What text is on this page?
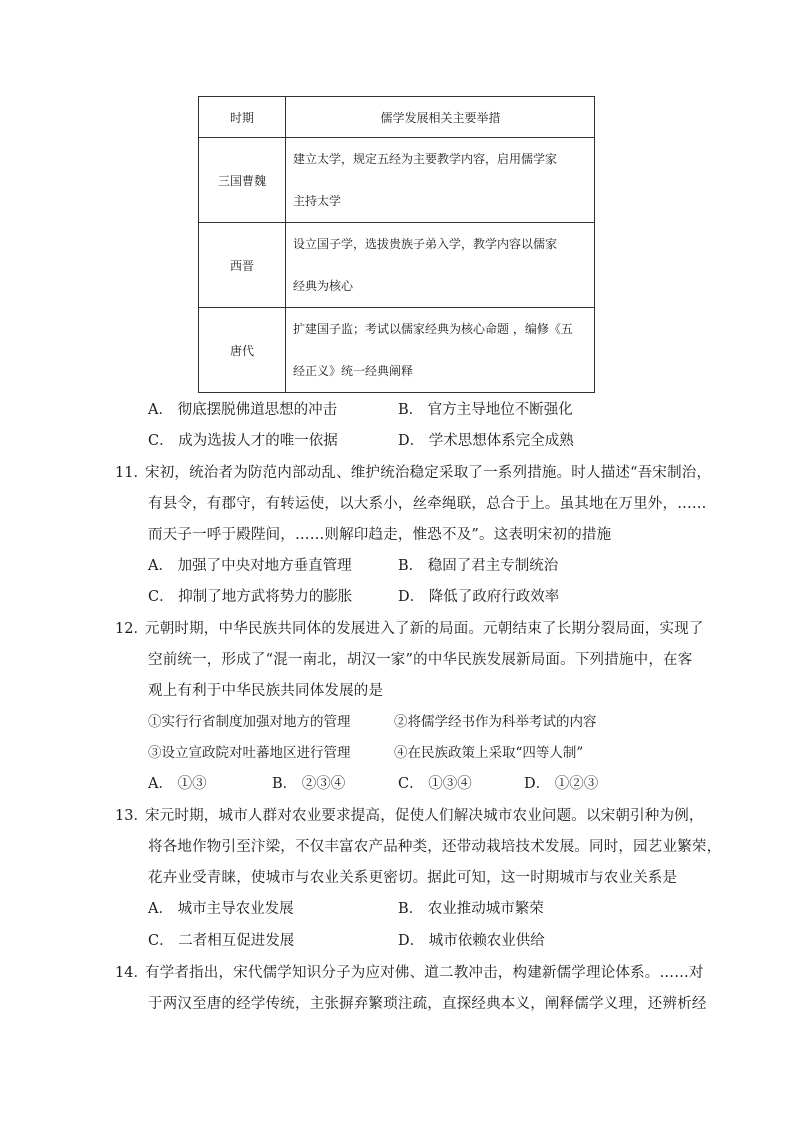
时期	儒学发展相关主要举措
三国曹魏	建立太学，规定五经为主要教学内容，启用儒学家
主持太学

西晋	设立国子学，选拔贵族子弟入学，教学内容以儒家
经典为核心

唐代	扩建国子监；考试以儒家经典为核心命题 ，编修《五
经正义》统一经典阐释
A． 彻底摆脱佛道思想的冲击	B． 官方主导地位不断强化
C． 成为选拔人才的唯一依据	D． 学术思想体系完全成熟
11．
宋初，统治者为防范内部动乱、维护统治稳定采取了一系列措施。时人描述“吾宋制治，
有县令，有郡守，有转运使，以大系小，丝牵绳联，总合于上。虽其地在万里外，……
而天子一呼于殿陛间，……则解印趋走，惟恐不及”。这表明宋初的措施
A． 加强了中央对地方垂直管理	B． 稳固了君主专制统治
C． 抑制了地方武将势力的膨胀	D． 降低了政府行政效率
12．
元朝时期，中华民族共同体的发展进入了新的局面。元朝结束了长期分裂局面，实现了
空前统一，形成了“混一南北，胡汉一家”的中华民族发展新局面。下列措施中，在客
观上有利于中华民族共同体发展的是
①实行行省制度加强对地方的管理	②将儒学经书作为科举考试的内容
③设立宣政院对吐蕃地区进行管理	④在民族政策上采取“四等人制”
A． ①③	B． ②③④	C． ①③④	D． ①②③
13．
宋元时期，城市人群对农业要求提高，促使人们解决城市农业问题。以宋朝引种为例，
将各地作物引至汴梁，不仅丰富农产品种类，还带动栽培技术发展。同时，园艺业繁荣，
花卉业受青睐，使城市与农业关系更密切。据此可知，这一时期城市与农业关系是
A． 城市主导农业发展	B． 农业推动城市繁荣
C． 二者相互促进发展	D． 城市依赖农业供给
14．
有学者指出，宋代儒学知识分子为应对佛、道二教冲击，构建新儒学理论体系。……对
于两汉至唐的经学传统，主张摒弃繁琐注疏，直探经典本义，阐释儒学义理，还辨析经
